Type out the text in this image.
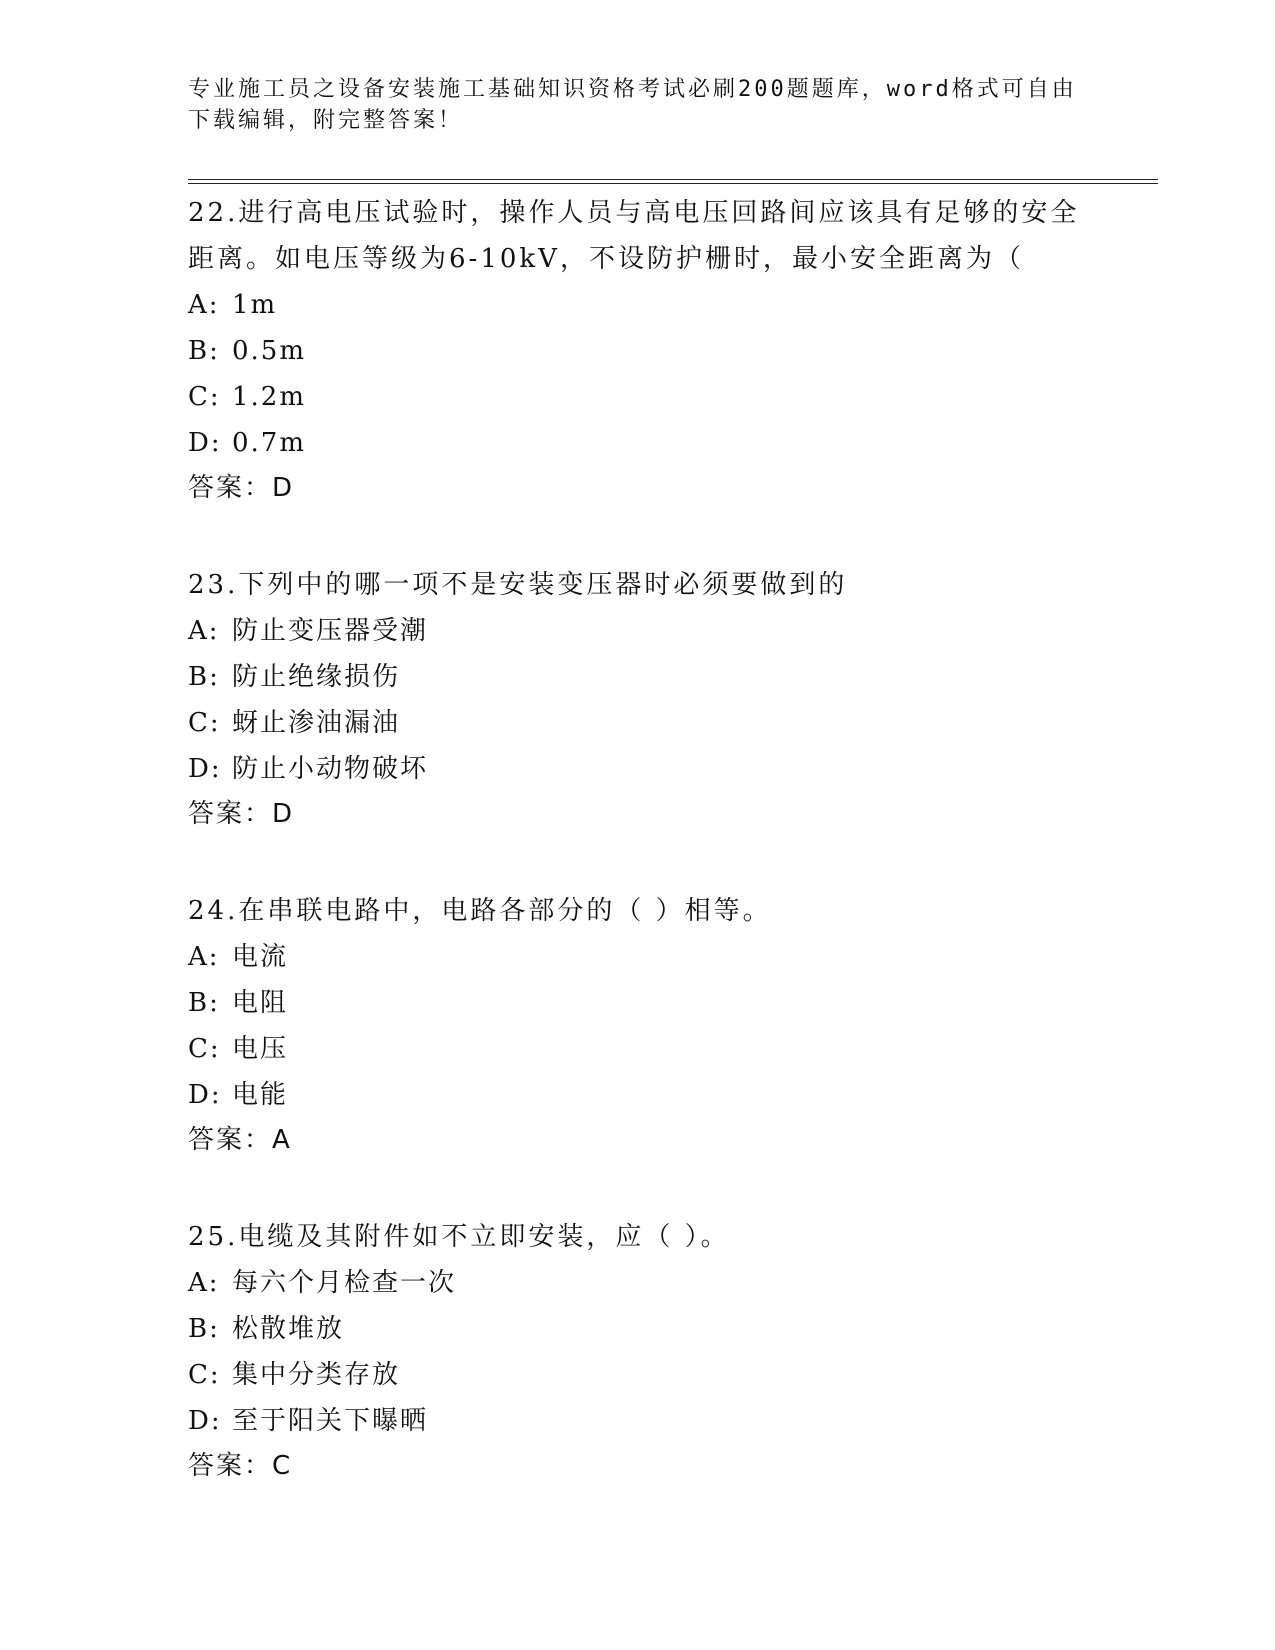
专业施工员之设备安装施工基础知识资格考试必刷200题题库，word格式可自由下载编辑，附完整答案！
22.进行高电压试验时，操作人员与高电压回路间应该具有足够的安全距离。如电压等级为6-10kV，不设防护栅时，最小安全距离为（
A: 1m
B: 0.5m
C: 1.2m
D: 0.7m
答案：D
23.下列中的哪一项不是安装变压器时必须要做到的
A: 防止变压器受潮
B: 防止绝缘损伤
C: 蚜止渗油漏油
D: 防止小动物破坏
答案：D
24.在串联电路中，电路各部分的（ ）相等。
A: 电流
B: 电阻
C: 电压
D: 电能
答案：A
25.电缆及其附件如不立即安装，应（ ）。
A: 每六个月检查一次
B: 松散堆放
C: 集中分类存放
D: 至于阳关下曝晒
答案：C
